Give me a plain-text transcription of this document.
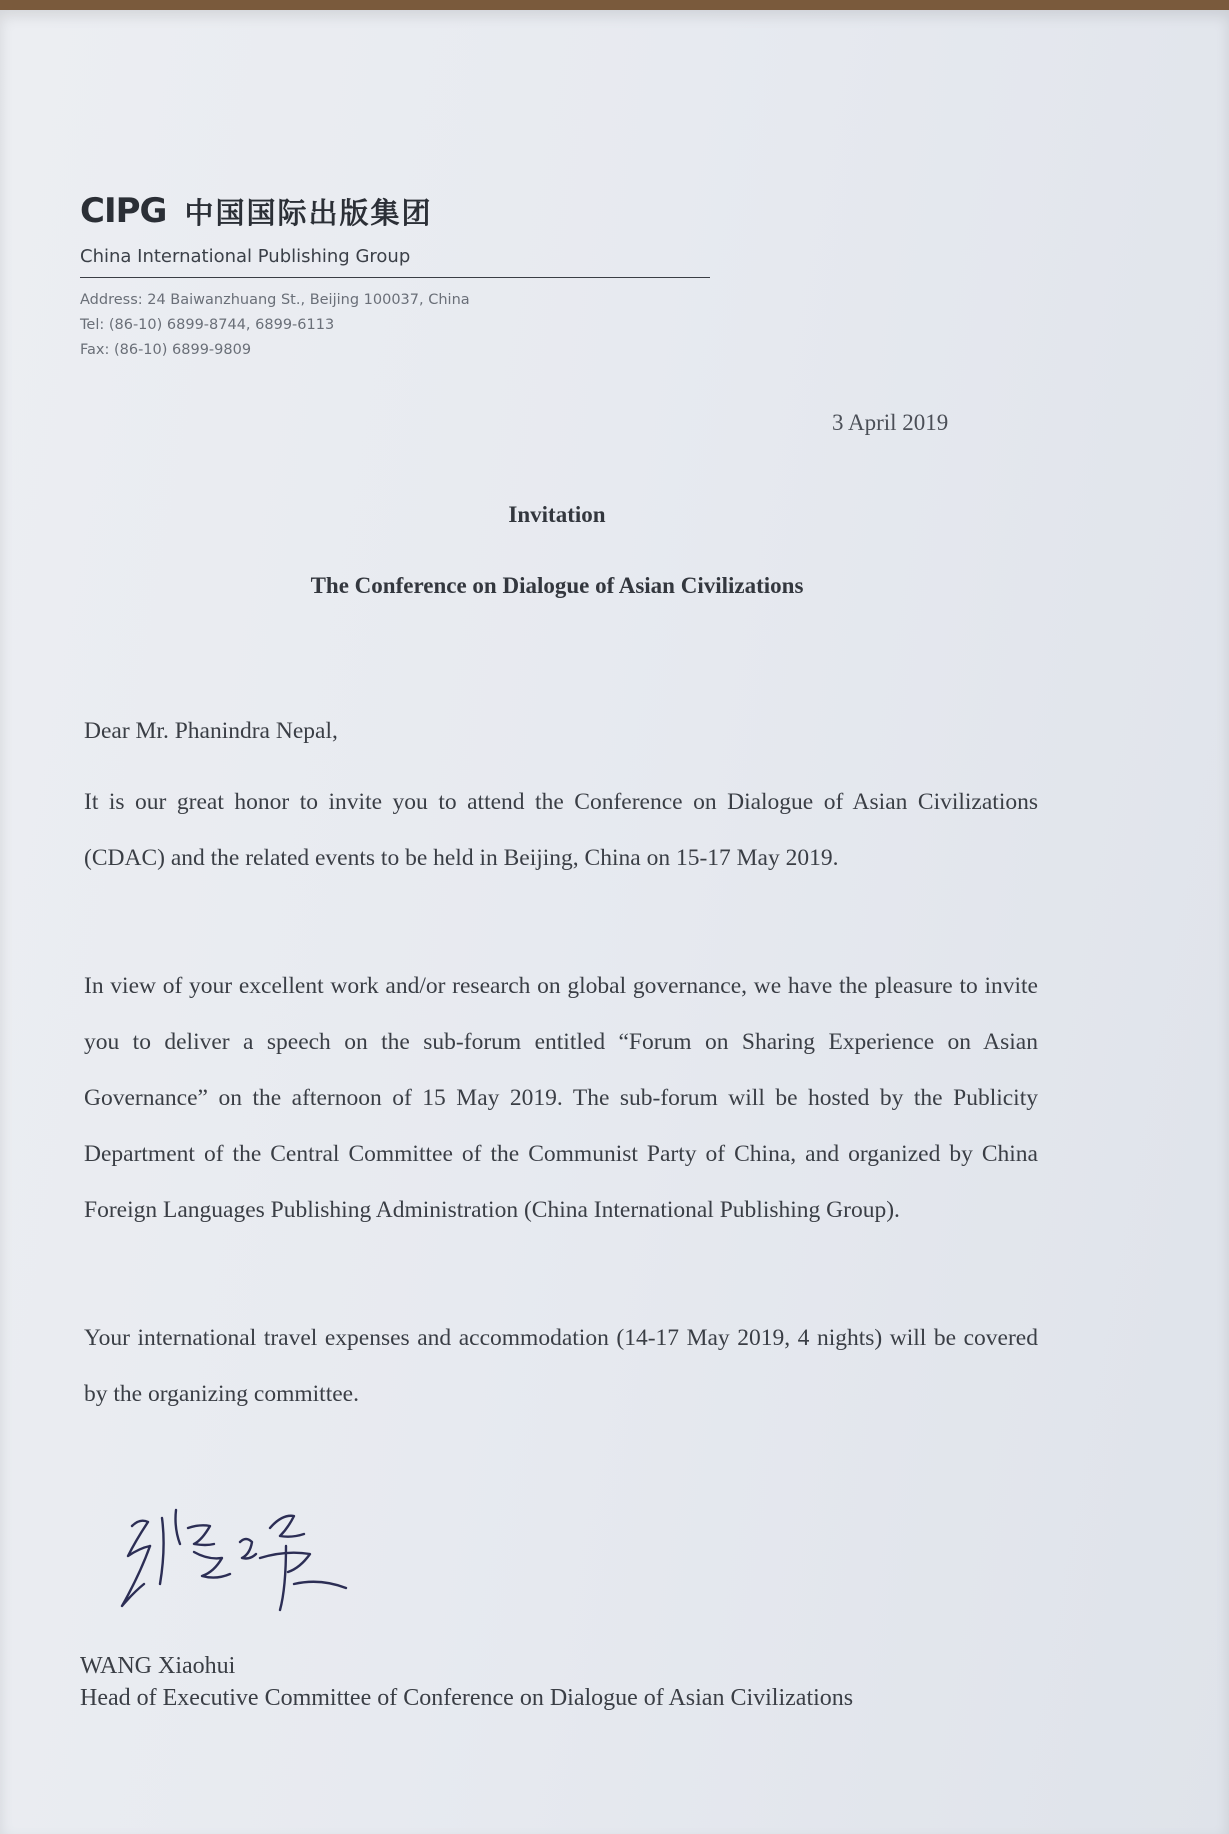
CIPG 中国国际出版集团
China International Publishing Group
Address: 24 Baiwanzhuang St., Beijing 100037, China
Tel: (86-10) 6899-8744, 6899-6113
Fax: (86-10) 6899-9809
3 April 2019
Invitation
The Conference on Dialogue of Asian Civilizations
Dear Mr. Phanindra Nepal,

It is our great honor to invite you to attend the Conference on Dialogue of Asian Civilizations (CDAC) and the related events to be held in Beijing, China on 15-17 May 2019.

In view of your excellent work and/or research on global governance, we have the pleasure to invite you to deliver a speech on the sub-forum entitled “Forum on Sharing Experience on Asian Governance” on the afternoon of 15 May 2019. The sub-forum will be hosted by the Publicity Department of the Central Committee of the Communist Party of China, and organized by China Foreign Languages Publishing Administration (China International Publishing Group).

Your international travel expenses and accommodation (14-17 May 2019, 4 nights) will be covered by the organizing committee.

WANG Xiaohui
Head of Executive Committee of Conference on Dialogue of Asian Civilizations
